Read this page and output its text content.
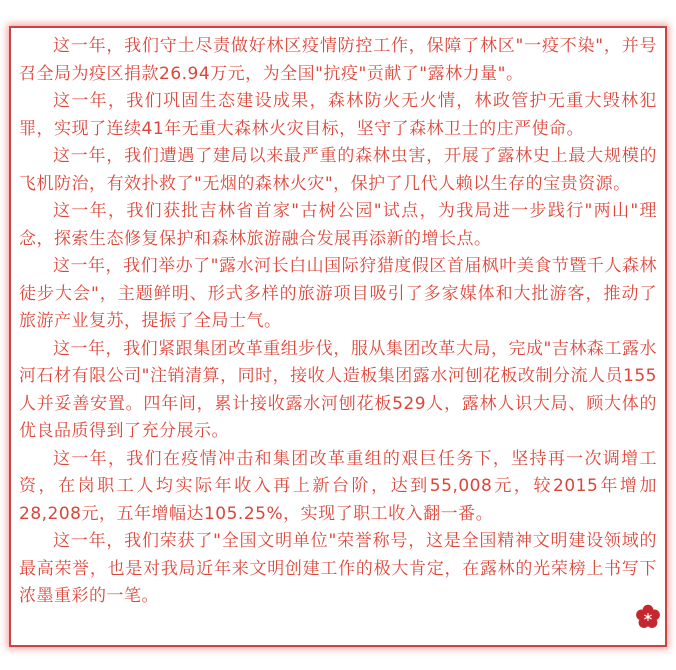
这一年，我们守土尽责做好林区疫情防控工作，保障了林区"一疫不染"，并号召全局为疫区捐款26.94万元，为全国"抗疫"贡献了"露林力量"。

这一年，我们巩固生态建设成果，森林防火无火情，林政管护无重大毁林犯罪，实现了连续41年无重大森林火灾目标，坚守了森林卫士的庄严使命。

这一年，我们遭遇了建局以来最严重的森林虫害，开展了露林史上最大规模的飞机防治，有效扑救了"无烟的森林火灾"，保护了几代人赖以生存的宝贵资源。

这一年，我们获批吉林省首家"古树公园"试点，为我局进一步践行"两山"理念，探索生态修复保护和森林旅游融合发展再添新的增长点。

这一年，我们举办了"露水河长白山国际狩猎度假区首届枫叶美食节暨千人森林徒步大会"，主题鲜明、形式多样的旅游项目吸引了多家媒体和大批游客，推动了旅游产业复苏，提振了全局士气。

这一年，我们紧跟集团改革重组步伐，服从集团改革大局，完成"吉林森工露水河石材有限公司"注销清算，同时，接收人造板集团露水河刨花板改制分流人员155人并妥善安置。四年间，累计接收露水河刨花板529人，露林人识大局、顾大体的优良品质得到了充分展示。

这一年，我们在疫情冲击和集团改革重组的艰巨任务下，坚持再一次调增工资，在岗职工人均实际年收入再上新台阶，达到55,008元，较2015年增加28,208元，五年增幅达105.25%，实现了职工收入翻一番。

这一年，我们荣获了"全国文明单位"荣誉称号，这是全国精神文明建设领域的最高荣誉，也是对我局近年来文明创建工作的极大肯定，在露林的光荣榜上书写下浓墨重彩的一笔。
